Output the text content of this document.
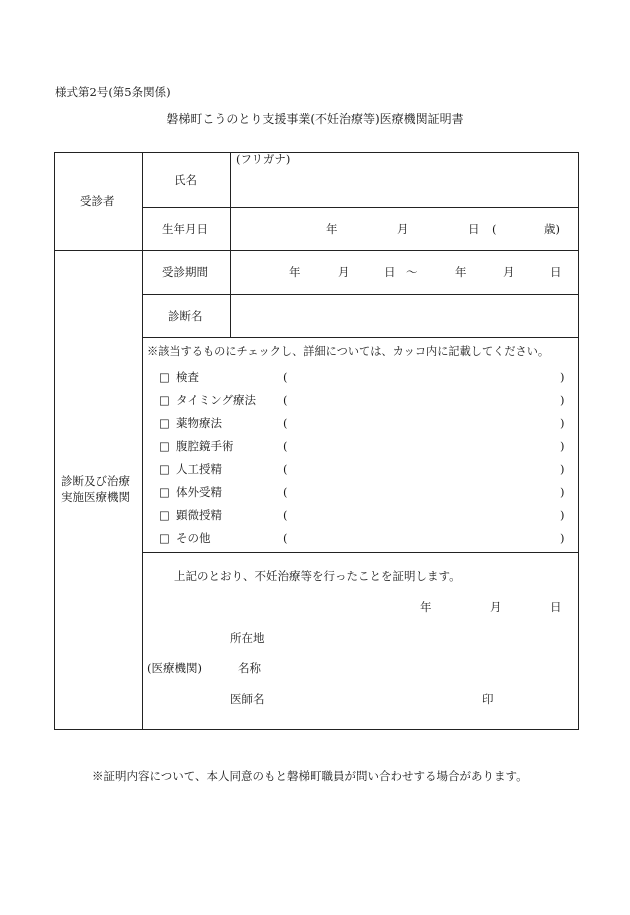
様式第2号(第5条関係)
磐梯町こうのとり支援事業(不妊治療等)医療機関証明書
受診者
氏名
(フリガナ)
生年月日	年	月	日 (	歳)
診断及び治療
実施医療機関
受診期間	年	月	日 〜	年	月	日
診断名
※該当するものにチェックし、詳細については、カッコ内に記載してください。
□ 検査	(	)
□ タイミング療法 (	)
□ 薬物療法	(	)
□ 腹腔鏡手術	(	)
□ 人工授精	(	)
□ 体外受精	(	)
□ 顕微授精	(	)
□ その他	(	)
上記のとおり、不妊治療等を行ったことを証明します。
年	月	日
所在地
(医療機関)	名称
医師名	印
※証明内容について、本人同意のもと磐梯町職員が問い合わせする場合があります。
